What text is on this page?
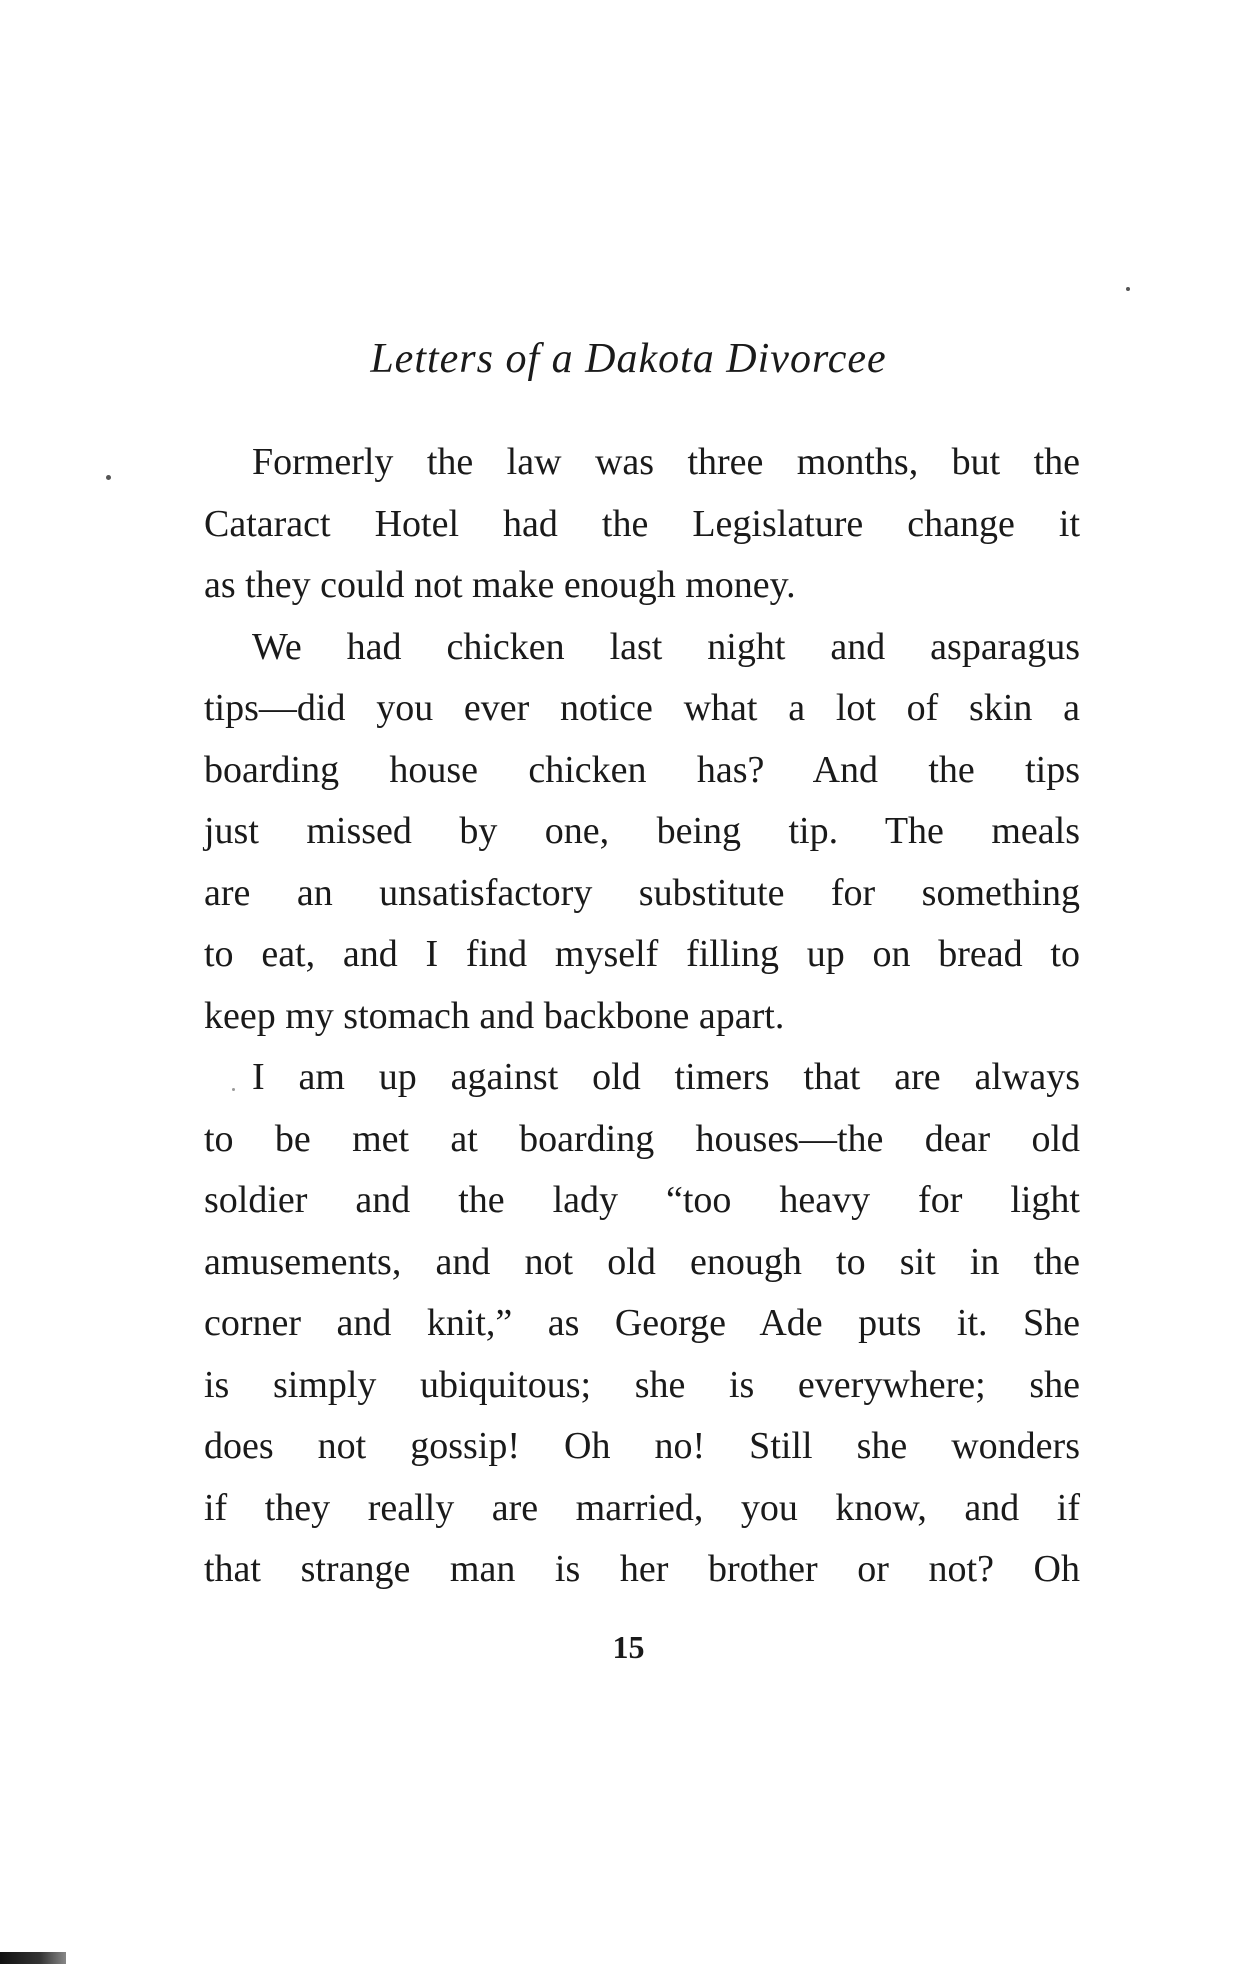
Letters of a Dakota Divorcee
Formerly the law was three months, but the
Cataract Hotel had the Legislature change it
as they could not make enough money.
We had chicken last night and asparagus
tips—did you ever notice what a lot of skin a
boarding house chicken has? And the tips
just missed by one, being tip. The meals
are an unsatisfactory substitute for something
to eat, and I find myself filling up on bread to
keep my stomach and backbone apart.
I am up against old timers that are always
to be met at boarding houses—the dear old
soldier and the lady “too heavy for light
amusements, and not old enough to sit in the
corner and knit,” as George Ade puts it. She
is simply ubiquitous; she is everywhere; she
does not gossip! Oh no! Still she wonders
if they really are married, you know, and if
that strange man is her brother or not? Oh
15
